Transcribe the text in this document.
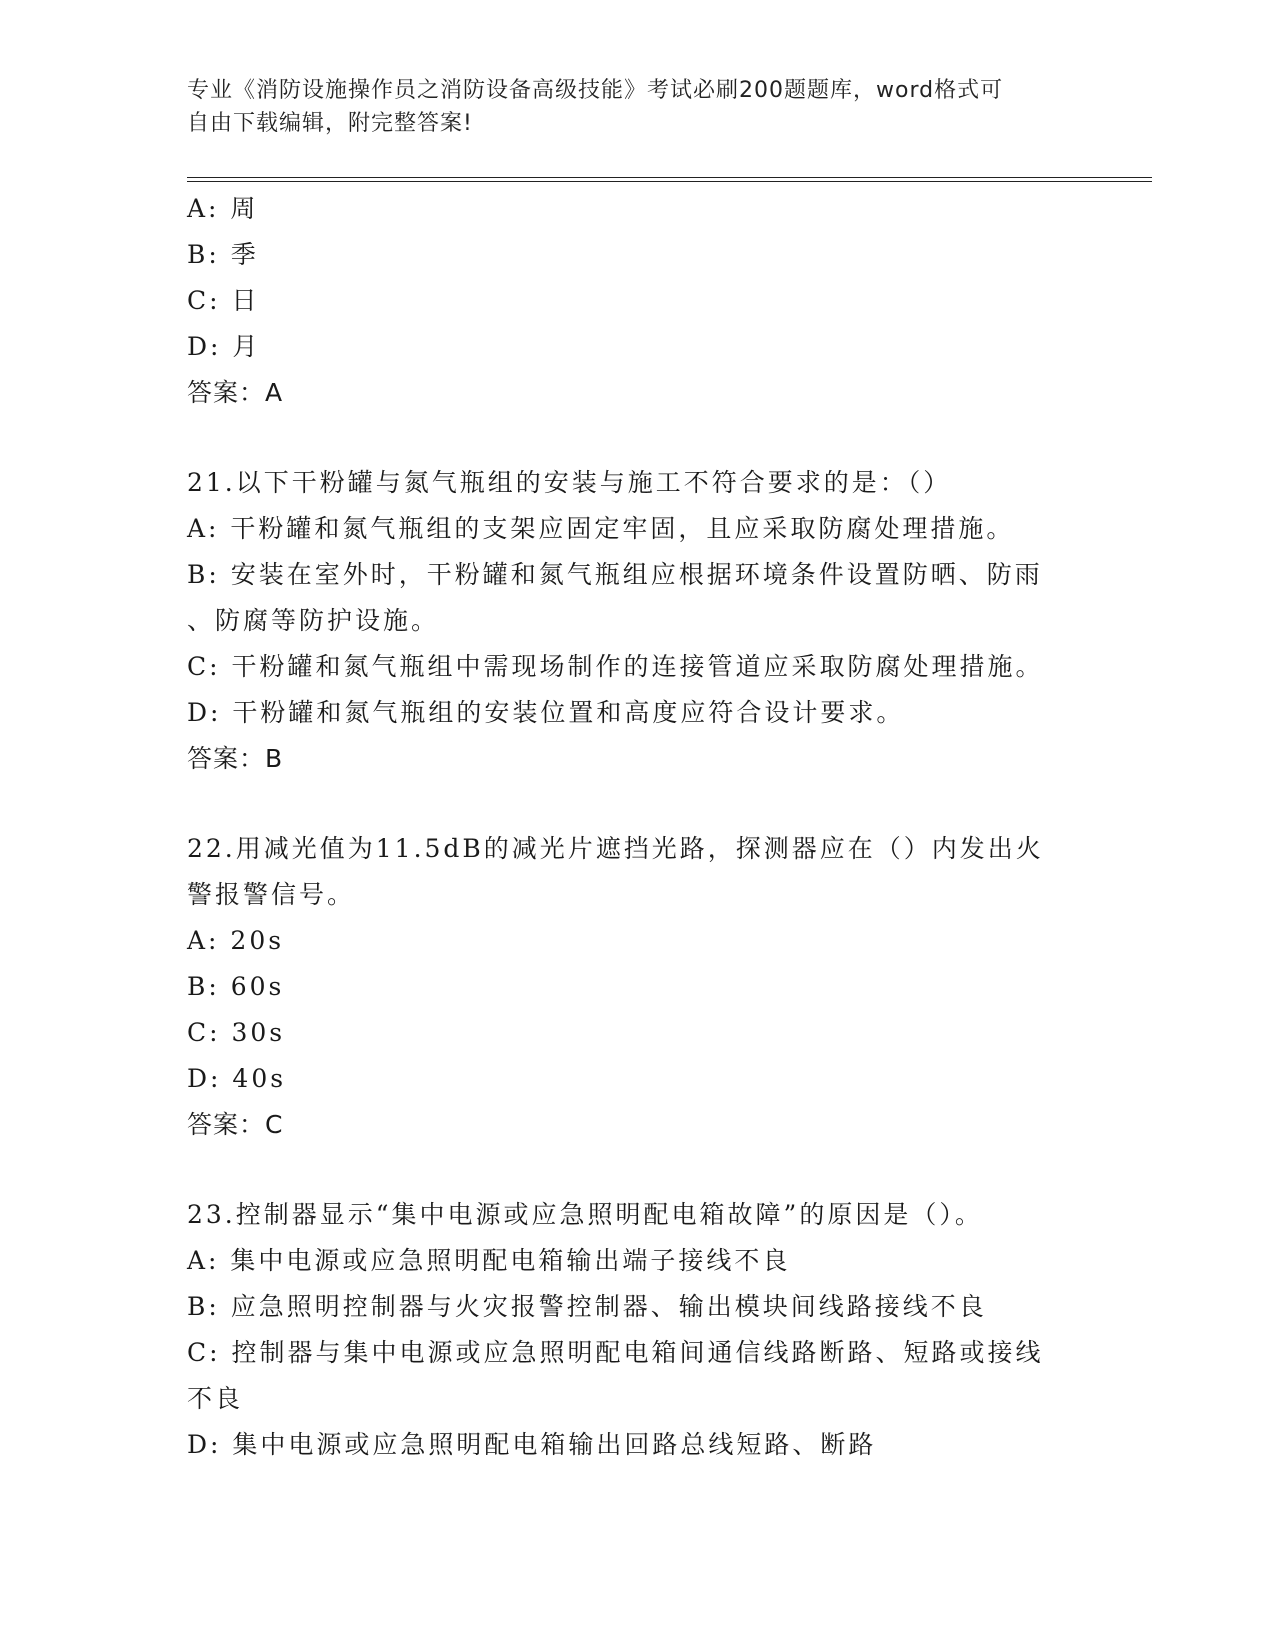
专业《消防设施操作员之消防设备高级技能》考试必刷200题题库，word格式可
自由下载编辑，附完整答案!
A: 周
B: 季
C: 日
D: 月
答案：A
21.以下干粉罐与氮气瓶组的安装与施工不符合要求的是：（）
A: 干粉罐和氮气瓶组的支架应固定牢固，且应采取防腐处理措施。
B: 安装在室外时，干粉罐和氮气瓶组应根据环境条件设置防晒、防雨
、防腐等防护设施。
C: 干粉罐和氮气瓶组中需现场制作的连接管道应采取防腐处理措施。
D: 干粉罐和氮气瓶组的安装位置和高度应符合设计要求。
答案：B
22.用减光值为11.5dB的减光片遮挡光路，探测器应在（）内发出火
警报警信号。
A: 20s
B: 60s
C: 30s
D: 40s
答案：C
23.控制器显示“集中电源或应急照明配电箱故障”的原因是（）。
A: 集中电源或应急照明配电箱输出端子接线不良
B: 应急照明控制器与火灾报警控制器、输出模块间线路接线不良
C: 控制器与集中电源或应急照明配电箱间通信线路断路、短路或接线
不良
D: 集中电源或应急照明配电箱输出回路总线短路、断路
